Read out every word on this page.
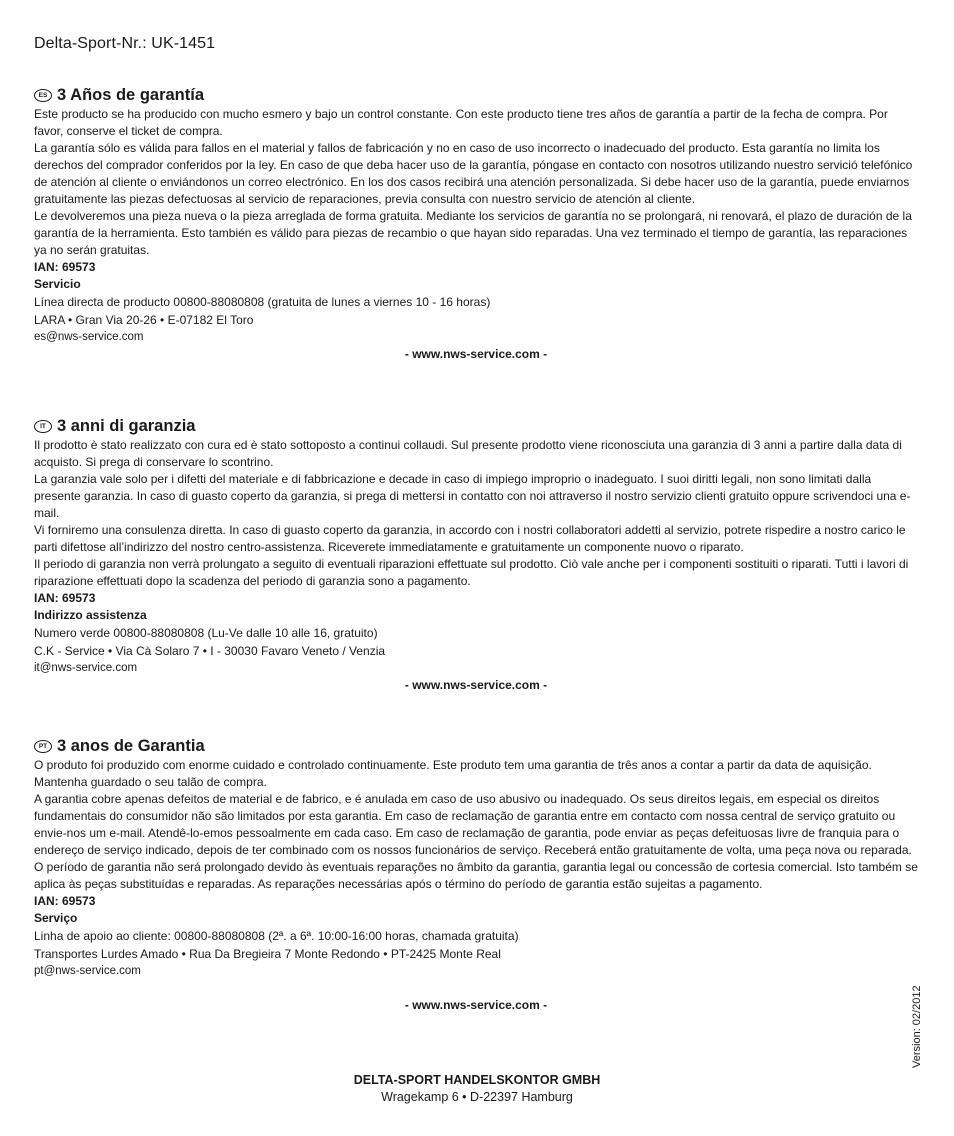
Delta-Sport-Nr.: UK-1451
ES 3 Años de garantía

Este producto se ha producido con mucho esmero y bajo un control constante. Con este producto tiene tres años de garantía a partir de la fecha de compra. Por favor, conserve el ticket de compra.

La garantía sólo es válida para fallos en el material y fallos de fabricación y no en caso de uso incorrecto o inadecuado del producto. Esta garantía no limita los derechos del comprador conferidos por la ley. En caso de que deba hacer uso de la garantía, póngase en contacto con nosotros utilizando nuestro servició telefónico de atención al cliente o enviándonos un correo electrónico. En los dos casos recibirá una atención personalizada. Si debe hacer uso de la garantía, puede enviarnos gratuitamente las piezas defectuosas al servicio de reparaciones, previa consulta con nuestro servicio de atención al cliente.

Le devolveremos una pieza nueva o la pieza arreglada de forma gratuita. Mediante los servicios de garantía no se prolongará, ni renovará, el plazo de duración de la garantía de la herramienta. Esto también es válido para piezas de recambio o que hayan sido reparadas. Una vez terminado el tiempo de garantía, las reparaciones ya no serán gratuitas.

IAN: 69573
Servicio
Línea directa de producto 00800-88080808 (gratuita de lunes a viernes 10 - 16 horas)
LARA • Gran Via 20-26 • E-07182 El Toro
es@nws-service.com
- www.nws-service.com -
IT 3 anni di garanzia

Il prodotto è stato realizzato con cura ed è stato sottoposto a continui collaudi. Sul presente prodotto viene riconosciuta una garanzia di 3 anni a partire dalla data di acquisto. Si prega di conservare lo scontrino.

La garanzia vale solo per i difetti del materiale e di fabbricazione e decade in caso di impiego improprio o inadeguato. I suoi diritti legali, non sono limitati dalla presente garanzia. In caso di guasto coperto da garanzia, si prega di mettersi in contatto con noi attraverso il nostro servizio clienti gratuito oppure scrivendoci una e-mail.

Vi forniremo una consulenza diretta. In caso di guasto coperto da garanzia, in accordo con i nostri collaboratori addetti al servizio, potrete rispedire a nostro carico le parti difettose all’indirizzo del nostro centro-assistenza. Riceverete immediatamente e gratuitamente un componente nuovo o riparato.

Il periodo di garanzia non verrà prolungato a seguito di eventuali riparazioni effettuate sul prodotto. Ciò vale anche per i componenti sostituiti o riparati. Tutti i lavori di riparazione effettuati dopo la scadenza del periodo di garanzia sono a pagamento.

IAN: 69573
Indirizzo assistenza
Numero verde 00800-88080808 (Lu-Ve dalle 10 alle 16, gratuito)
C.K - Service • Via Cà Solaro 7 • I - 30030 Favaro Veneto / Venzia
it@nws-service.com
- www.nws-service.com -
PT 3 anos de Garantia

O produto foi produzido com enorme cuidado e controlado continuamente. Este produto tem uma garantia de três anos a contar a partir da data de aquisição. Mantenha guardado o seu talão de compra.

A garantia cobre apenas defeitos de material e de fabrico, e é anulada em caso de uso abusivo ou inadequado. Os seus direitos legais, em especial os direitos fundamentais do consumidor não são limitados por esta garantia. Em caso de reclamação de garantia entre em contacto com nossa central de serviço gratuito ou envie-nos um e-mail. Atendê-lo-emos pessoalmente em cada caso. Em caso de reclamação de garantia, pode enviar as peças defeituosas livre de franquia para o endereço de serviço indicado, depois de ter combinado com os nossos funcionários de serviço. Receberá então gratuitamente de volta, uma peça nova ou reparada.

O período de garantia não será prolongado devido às eventuais reparações no âmbito da garantia, garantia legal ou concessão de cortesia comercial. Isto também se aplica às peças substituídas e reparadas. As reparações necessárias após o término do período de garantia estão sujeitas a pagamento.

IAN: 69573
Serviço
Linha de apoio ao cliente: 00800-88080808 (2ª. a 6ª. 10:00-16:00 horas, chamada gratuita)
Transportes Lurdes Amado • Rua Da Bregieira 7 Monte Redondo • PT-2425 Monte Real
pt@nws-service.com
- www.nws-service.com -	Version: 02/2012
DELTA-SPORT HANDELSKONTOR GMBH
Wragekamp 6 • D-22397 Hamburg
